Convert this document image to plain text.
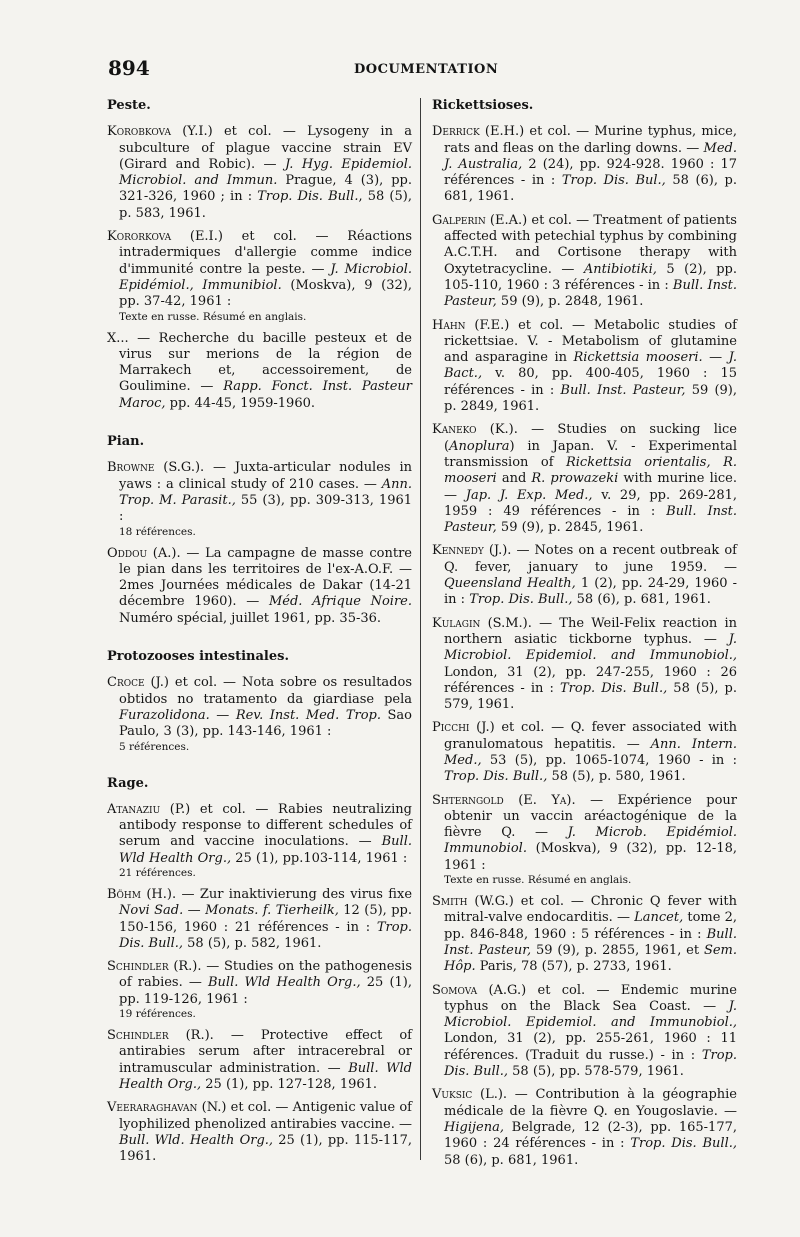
894	DOCUMENTATION
Peste.

Korobkova (Y.I.) et col. — Lysogeny in a subculture of plague vaccine strain EV (Girard and Robic). — J. Hyg. Epidemiol. Microbiol. and Immun. Prague, 4 (3), pp. 321-326, 1960 ; in : Trop. Dis. Bull., 58 (5), p. 583, 1961.

Kororkova (E.I.) et col. — Réactions intradermiques d'allergie comme indice d'immunité contre la peste. — J. Microbiol. Epidémiol., Immunibiol. (Moskva), 9 (32), pp. 37-42, 1961 :
Texte en russe. Résumé en anglais.

X... — Recherche du bacille pesteux et de virus sur merions de la région de Marrakech et, accessoirement, de Goulimine. — Rapp. Fonct. Inst. Pasteur Maroc, pp. 44-45, 1959-1960.

Pian.

Browne (S.G.). — Juxta-articular nodules in yaws : a clinical study of 210 cases. — Ann. Trop. M. Parasit., 55 (3), pp. 309-313, 1961 :
18 références.

Oddou (A.). — La campagne de masse contre le pian dans les territoires de l'ex-A.O.F. — 2mes Journées médicales de Dakar (14-21 décembre 1960). — Méd. Afrique Noire. Numéro spécial, juillet 1961, pp. 35-36.

Protozooses intestinales.

Croce (J.) et col. — Nota sobre os resultados obtidos no tratamento da giardiase pela Furazolidona. — Rev. Inst. Med. Trop. Sao Paulo, 3 (3), pp. 143-146, 1961 :
5 références.

Rage.

Atanaziu (P.) et col. — Rabies neutralizing antibody response to different schedules of serum and vaccine inoculations. — Bull. Wld Health Org., 25 (1), pp.103-114, 1961 :
21 références.

Böhm (H.). — Zur inaktivierung des virus fixe Novi Sad. — Monats. f. Tierheilk, 12 (5), pp. 150-156, 1960 : 21 références - in : Trop. Dis. Bull., 58 (5), p. 582, 1961.

Schindler (R.). — Studies on the pathogenesis of rabies. — Bull. Wld Health Org., 25 (1), pp. 119-126, 1961 :
19 références.

Schindler (R.). — Protective effect of antirabies serum after intracerebral or intramuscular administration. — Bull. Wld Health Org., 25 (1), pp. 127-128, 1961.

Veeraraghavan (N.) et col. — Antigenic value of lyophilized phenolized antirabies vaccine. — Bull. Wld. Health Org., 25 (1), pp. 115-117, 1961.

Rickettsioses.

Derrick (E.H.) et col. — Murine typhus, mice, rats and fleas on the darling downs. — Med. J. Australia, 2 (24), pp. 924-928. 1960 : 17 références - in : Trop. Dis. Bul., 58 (6), p. 681, 1961.

Galperin (E.A.) et col. — Treatment of patients affected with petechial typhus by combining A.C.T.H. and Cortisone therapy with Oxytetracycline. — Antibiotiki, 5 (2), pp. 105-110, 1960 : 3 références - in : Bull. Inst. Pasteur, 59 (9), p. 2848, 1961.

Hahn (F.E.) et col. — Metabolic studies of rickettsiae. V. - Metabolism of glutamine and asparagine in Rickettsia mooseri. — J. Bact., v. 80, pp. 400-405, 1960 : 15 références - in : Bull. Inst. Pasteur, 59 (9), p. 2849, 1961.

Kaneko (K.). — Studies on sucking lice (Anoplura) in Japan. V. - Experimental transmission of Rickettsia orientalis, R. mooseri and R. prowazeki with murine lice. — Jap. J. Exp. Med., v. 29, pp. 269-281, 1959 : 49 références - in : Bull. Inst. Pasteur, 59 (9), p. 2845, 1961.

Kennedy (J.). — Notes on a recent outbreak of Q. fever, january to june 1959. — Queensland Health, 1 (2), pp. 24-29, 1960 - in : Trop. Dis. Bull., 58 (6), p. 681, 1961.

Kulagin (S.M.). — The Weil-Felix reaction in northern asiatic tickborne typhus. — J. Microbiol. Epidemiol. and Immunobiol., London, 31 (2), pp. 247-255, 1960 : 26 références - in : Trop. Dis. Bull., 58 (5), p. 579, 1961.

Picchi (J.) et col. — Q. fever associated with granulomatous hepatitis. — Ann. Intern. Med., 53 (5), pp. 1065-1074, 1960 - in : Trop. Dis. Bull., 58 (5), p. 580, 1961.

Shterngold (E. Ya). — Expérience pour obtenir un vaccin aréactogénique de la fièvre Q. — J. Microb. Epidémiol. Immunobiol. (Moskva), 9 (32), pp. 12-18, 1961 :
Texte en russe. Résumé en anglais.

Smith (W.G.) et col. — Chronic Q fever with mitral-valve endocarditis. — Lancet, tome 2, pp. 846-848, 1960 : 5 références - in : Bull. Inst. Pasteur, 59 (9), p. 2855, 1961, et Sem. Hôp. Paris, 78 (57), p. 2733, 1961.

Somova (A.G.) et col. — Endemic murine typhus on the Black Sea Coast. — J. Microbiol. Epidemiol. and Immunobiol., London, 31 (2), pp. 255-261, 1960 : 11 références. (Traduit du russe.) - in : Trop. Dis. Bull., 58 (5), pp. 578-579, 1961.

Vuksic (L.). — Contribution à la géographie médicale de la fièvre Q. en Yougoslavie. — Higijena, Belgrade, 12 (2-3), pp. 165-177, 1960 : 24 références - in : Trop. Dis. Bull., 58 (6), p. 681, 1961.
